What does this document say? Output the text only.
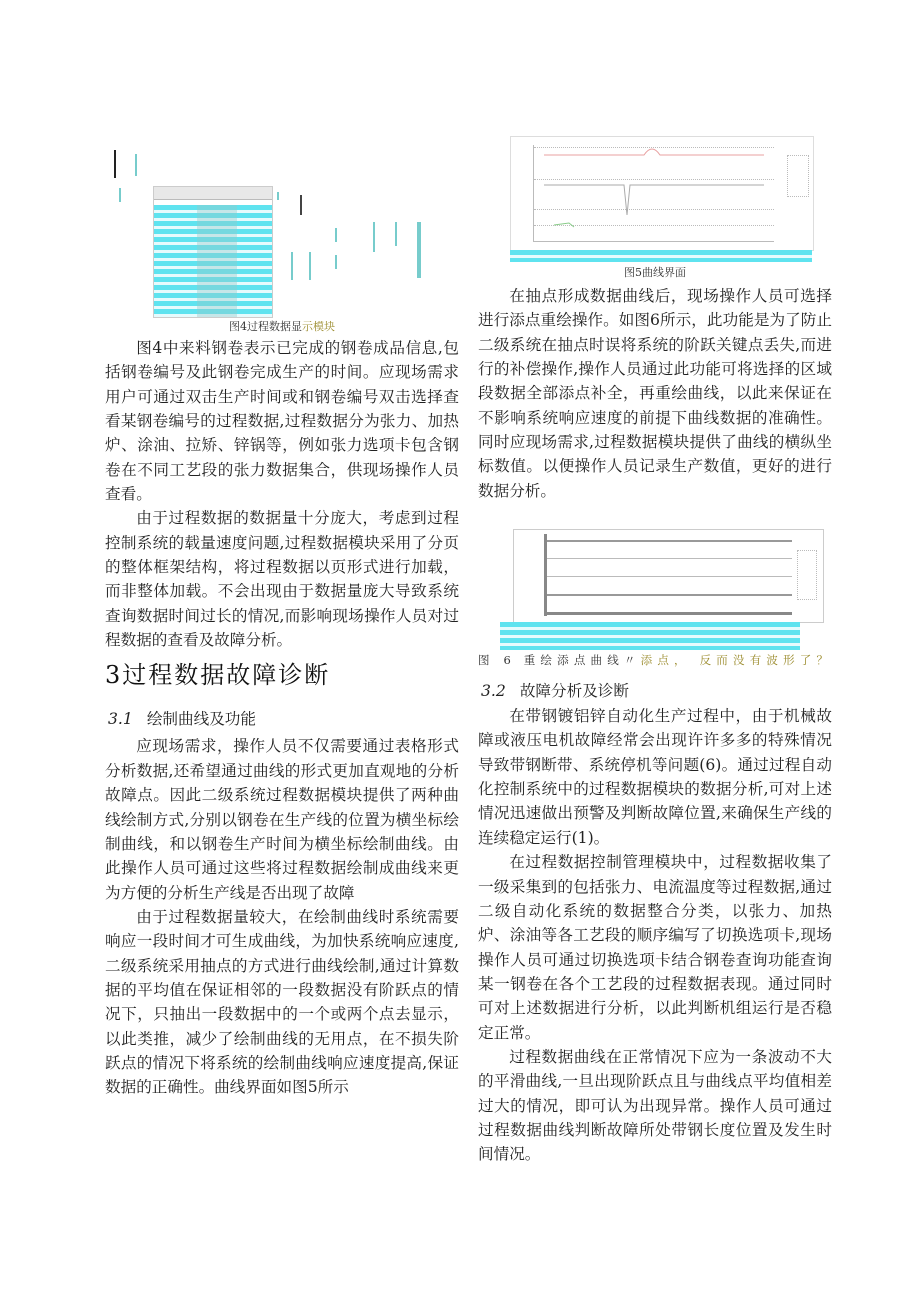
图4过程数据显示模块

图4中来料钢卷表示已完成的钢卷成品信息,包括钢卷编号及此钢卷完成生产的时间。应现场需求用户可通过双击生产时间或和钢卷编号双击选择查看某钢卷编号的过程数据,过程数据分为张力、加热炉、涂油、拉矫、锌锅等，例如张力选项卡包含钢卷在不同工艺段的张力数据集合，供现场操作人员查看。

由于过程数据的数据量十分庞大，考虑到过程控制系统的载量速度问题,过程数据模块采用了分页的整体框架结构，将过程数据以页形式进行加载，而非整体加载。不会出现由于数据量庞大导致系统查询数据时间过长的情况,而影响现场操作人员对过程数据的查看及故障分析。

3过程数据故障诊断
3.1 绘制曲线及功能

应现场需求，操作人员不仅需要通过表格形式分析数据,还希望通过曲线的形式更加直观地的分析故障点。因此二级系统过程数据模块提供了两种曲线绘制方式,分别以钢卷在生产线的位置为横坐标绘制曲线，和以钢卷生产时间为横坐标绘制曲线。由此操作人员可通过这些将过程数据绘制成曲线来更为方便的分析生产线是否出现了故障

由于过程数据量较大，在绘制曲线时系统需要响应一段时间才可生成曲线，为加快系统响应速度,二级系统采用抽点的方式进行曲线绘制,通过计算数据的平均值在保证相邻的一段数据没有阶跃点的情况下，只抽出一段数据中的一个或两个点去显示，以此类推，减少了绘制曲线的无用点，在不损失阶跃点的情况下将系统的绘制曲线响应速度提高,保证数据的正确性。曲线界面如图5所示

图5曲线界面

在抽点形成数据曲线后，现场操作人员可选择进行添点重绘操作。如图6所示，此功能是为了防止二级系统在抽点时误将系统的阶跃关键点丢失,而进行的补偿操作,操作人员通过此功能可将选择的区域段数据全部添点补全，再重绘曲线，以此来保证在不影响系统响应速度的前提下曲线数据的准确性。同时应现场需求,过程数据模块提供了曲线的横纵坐标数值。以便操作人员记录生产数值，更好的进行数据分析。

图 6 重绘添点曲线〃添点， 反而没有波形了？
3.2 故障分析及诊断

在带钢镀铝锌自动化生产过程中，由于机械故障或液压电机故障经常会出现许许多多的特殊情况导致带钢断带、系统停机等问题(6)。通过过程自动化控制系统中的过程数据模块的数据分析,可对上述情况迅速做出预警及判断故障位置,来确保生产线的连续稳定运行(1)。

在过程数据控制管理模块中，过程数据收集了一级采集到的包括张力、电流温度等过程数据,通过二级自动化系统的数据整合分类，以张力、加热炉、涂油等各工艺段的顺序编写了切换选项卡,现场操作人员可通过切换选项卡结合钢卷查询功能查询某一钢卷在各个工艺段的过程数据表现。通过同时可对上述数据进行分析，以此判断机组运行是否稳定正常。

过程数据曲线在正常情况下应为一条波动不大的平滑曲线,一旦出现阶跃点且与曲线点平均值相差过大的情况，即可认为出现异常。操作人员可通过过程数据曲线判断故障所处带钢长度位置及发生时间情况。
